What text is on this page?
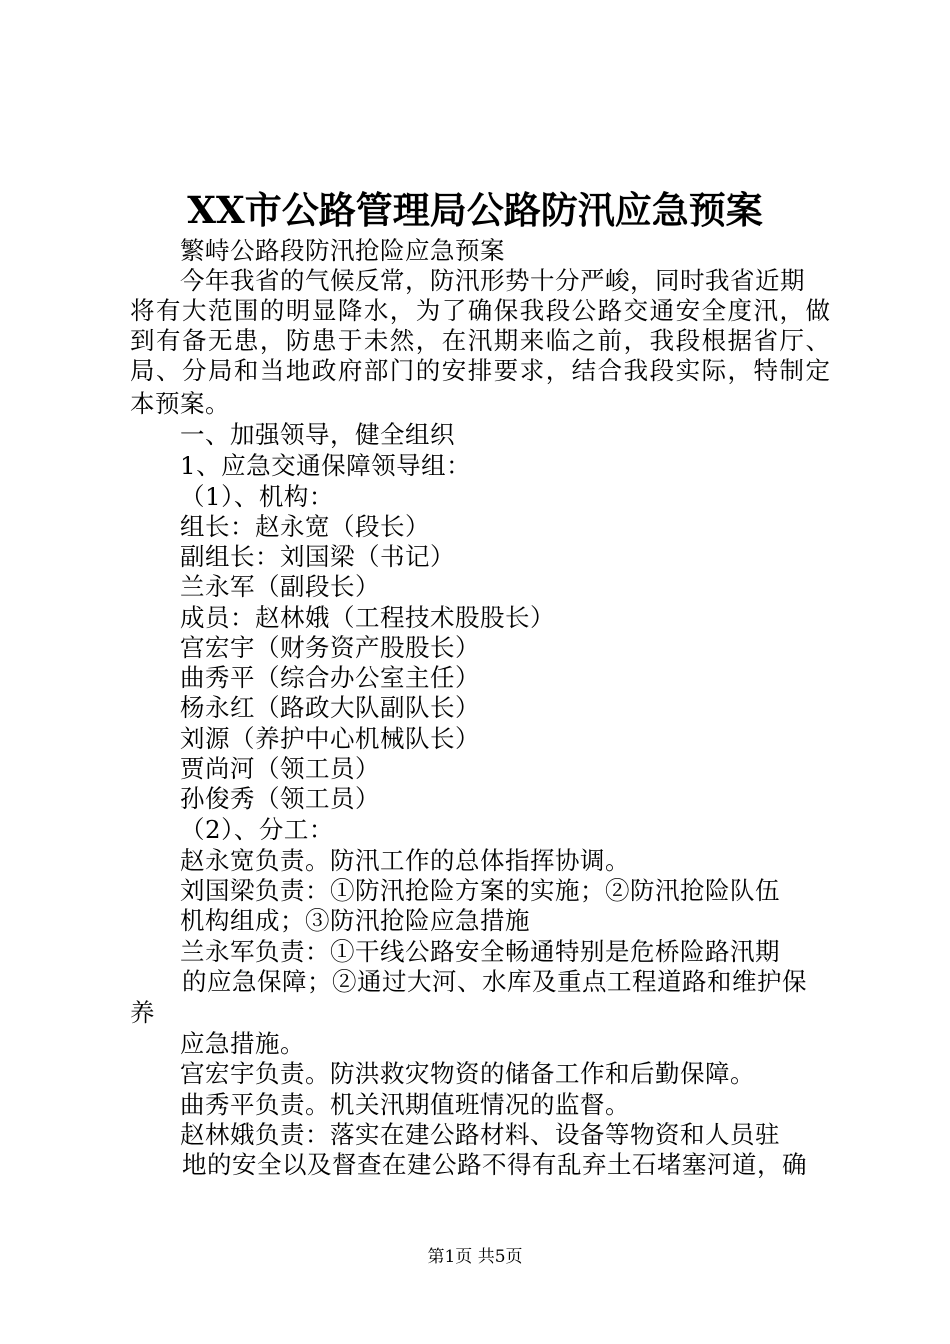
XX市公路管理局公路防汛应急预案
繁峙公路段防汛抢险应急预案
今年我省的气候反常，防汛形势十分严峻，同时我省近期
将有大范围的明显降水，为了确保我段公路交通安全度汛，做
到有备无患，防患于未然，在汛期来临之前，我段根据省厅、
局、分局和当地政府部门的安排要求，结合我段实际，特制定
本预案。
一、加强领导，健全组织
1、应急交通保障领导组：
（1）、机构：
组长：赵永宽（段长）
副组长：刘国梁（书记）
兰永军（副段长）
成员：赵林娥（工程技术股股长）
宫宏宇（财务资产股股长）
曲秀平（综合办公室主任）
杨永红（路政大队副队长）
刘源（养护中心机械队长）
贾尚河（领工员）
孙俊秀（领工员）
（2）、分工：
赵永宽负责。防汛工作的总体指挥协调。
刘国梁负责：①防汛抢险方案的实施；②防汛抢险队伍
机构组成；③防汛抢险应急措施
兰永军负责：①干线公路安全畅通特别是危桥险路汛期
的应急保障；②通过大河、水库及重点工程道路和维护保
养
应急措施。
宫宏宇负责。防洪救灾物资的储备工作和后勤保障。
曲秀平负责。机关汛期值班情况的监督。
赵林娥负责：落实在建公路材料、设备等物资和人员驻
地的安全以及督查在建公路不得有乱弃土石堵塞河道，确
第1页 共5页
